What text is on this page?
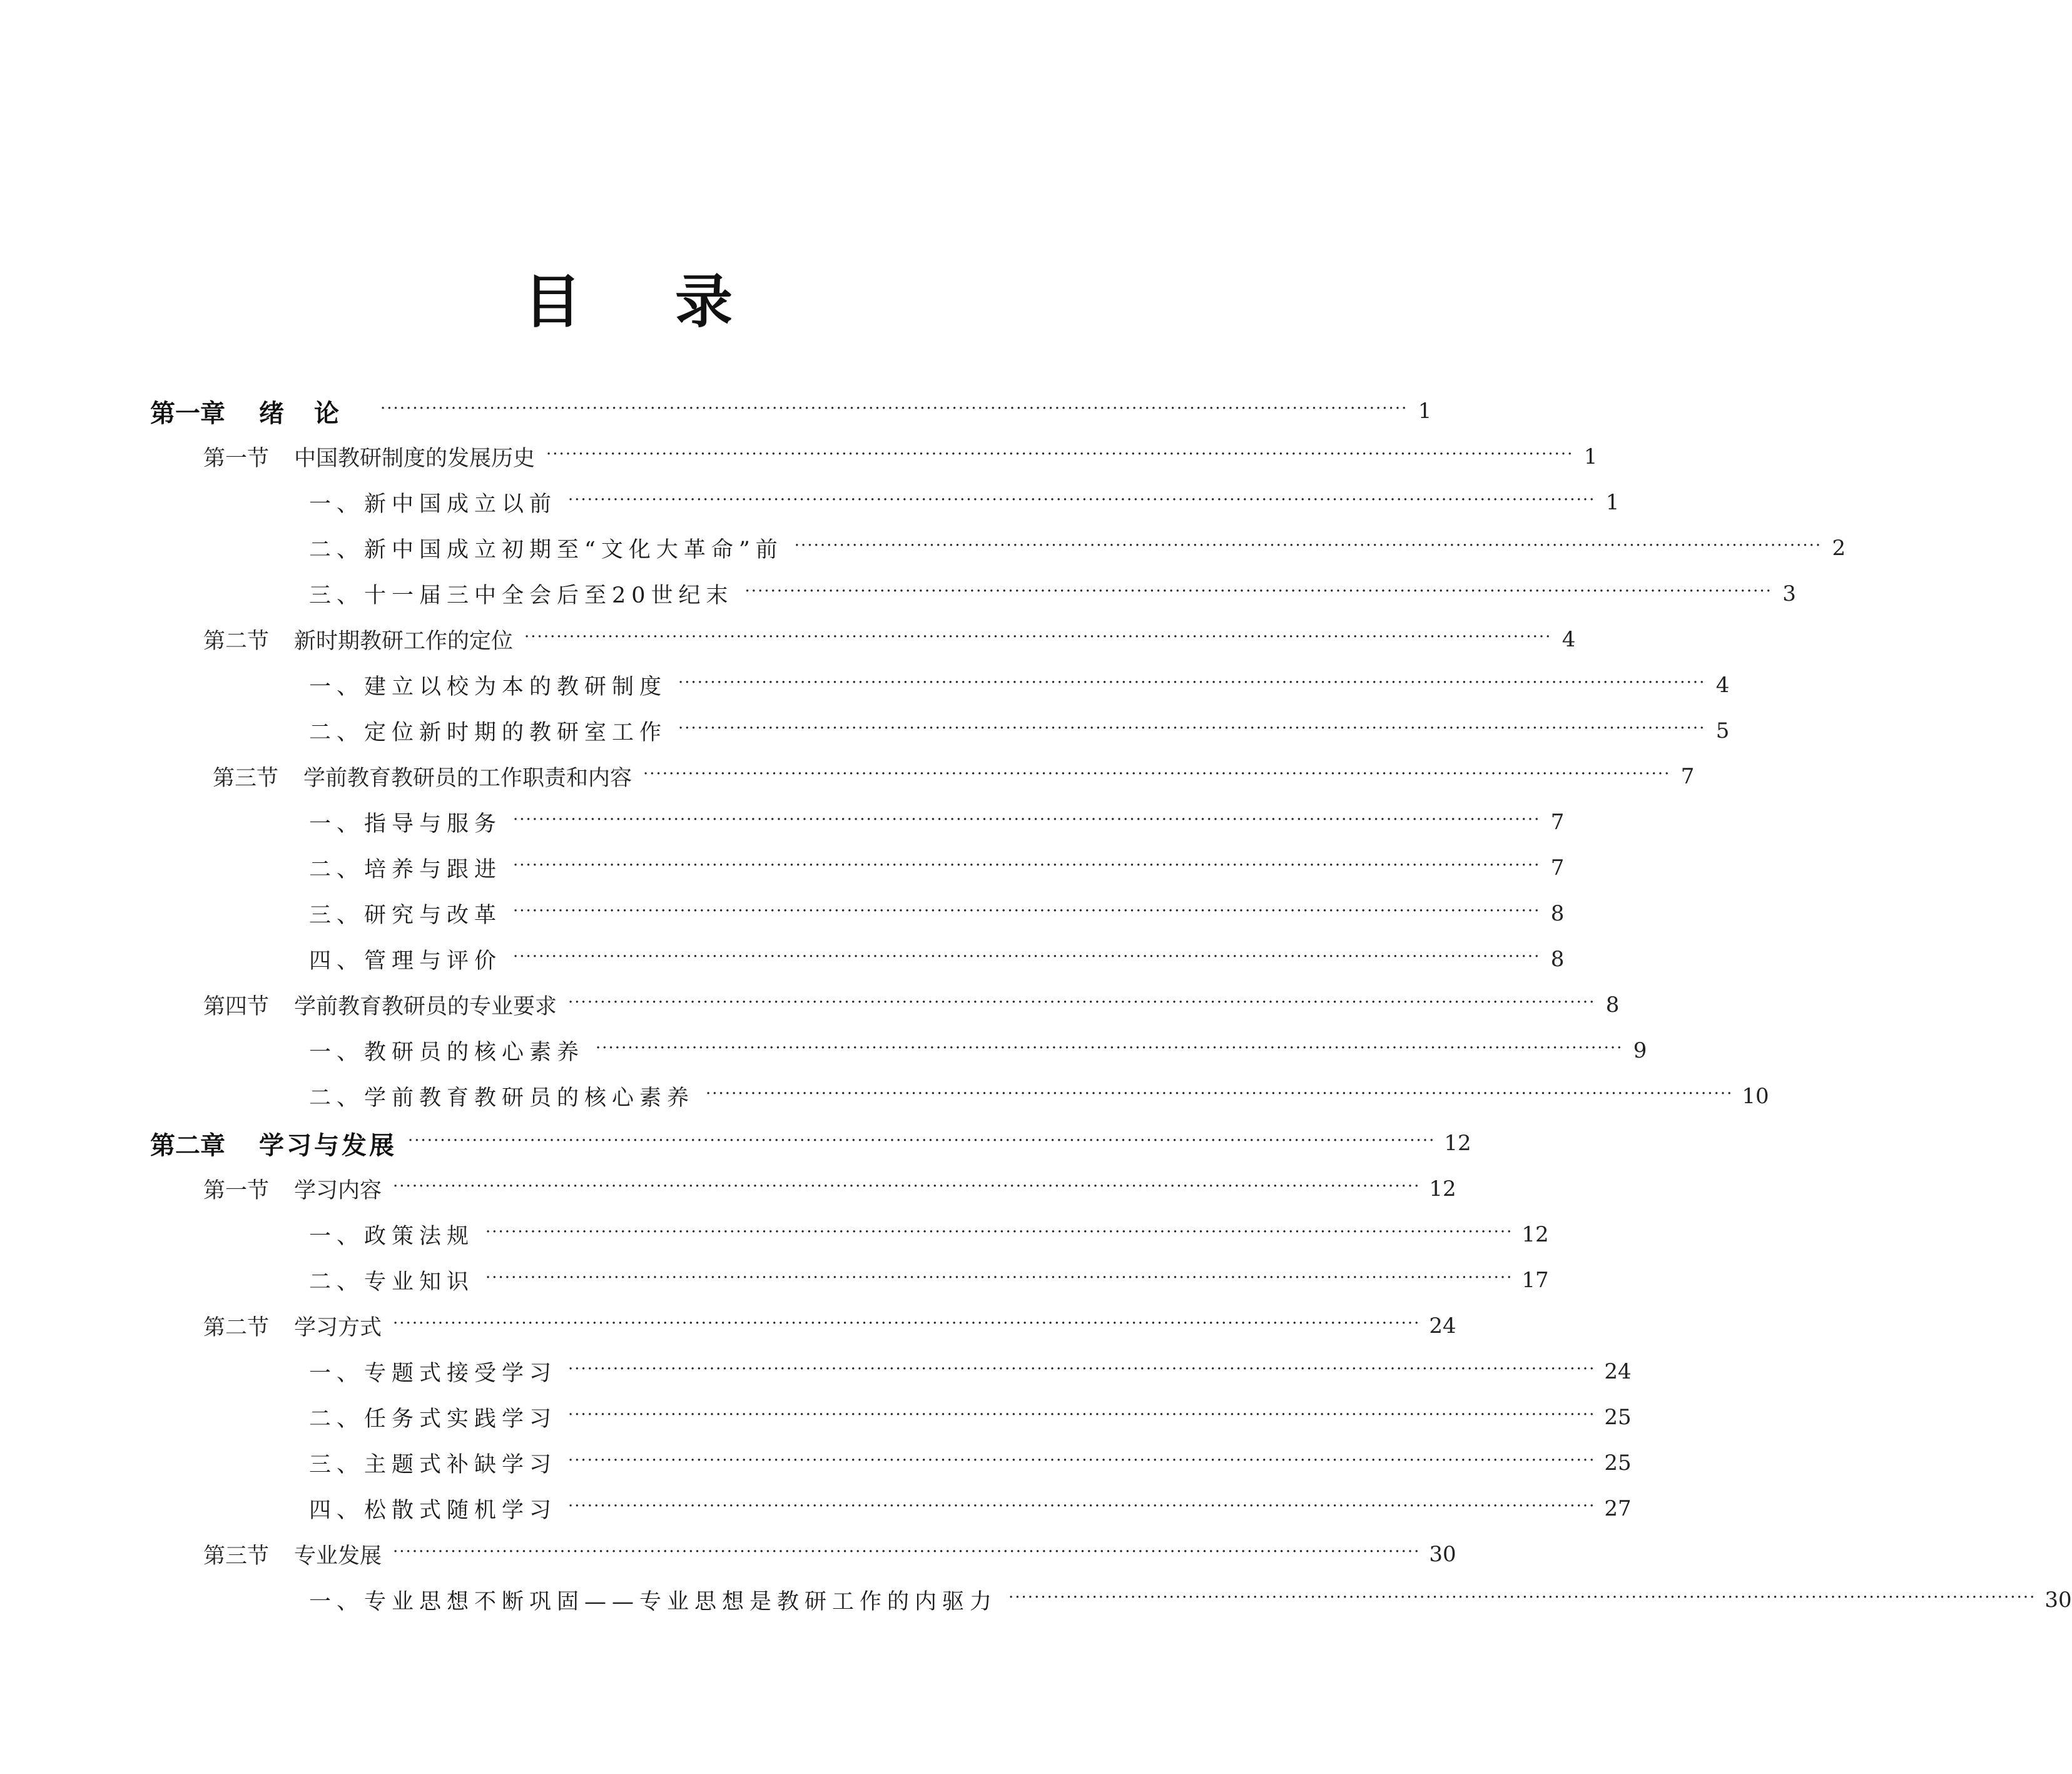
目 录
第一章 绪论 ································································································································································ 1
第一节 中国教研制度的发展历史 ································································································································································ 1
一、新中国成立以前 ································································································································································ 1
二、新中国成立初期至“文化大革命”前 ································································································································································ 2
三、十一届三中全会后至20世纪末 ································································································································································ 3
第二节 新时期教研工作的定位 ································································································································································ 4
一、建立以校为本的教研制度 ································································································································································ 4
二、定位新时期的教研室工作 ································································································································································ 5
第三节 学前教育教研员的工作职责和内容 ································································································································································ 7
一、指导与服务 ································································································································································ 7
二、培养与跟进 ································································································································································ 7
三、研究与改革 ································································································································································ 8
四、管理与评价 ································································································································································ 8
第四节 学前教育教研员的专业要求 ································································································································································ 8
一、教研员的核心素养 ································································································································································ 9
二、学前教育教研员的核心素养 ································································································································································ 10
第二章 学习与发展 ································································································································································ 12
第一节 学习内容 ································································································································································ 12
一、政策法规 ································································································································································ 12
二、专业知识 ································································································································································ 17
第二节 学习方式 ································································································································································ 24
一、专题式接受学习 ································································································································································ 24
二、任务式实践学习 ································································································································································ 25
三、主题式补缺学习 ································································································································································ 25
四、松散式随机学习 ································································································································································ 27
第三节 专业发展 ································································································································································ 30
一、专业思想不断巩固——专业思想是教研工作的内驱力 ································································································································································ 30
